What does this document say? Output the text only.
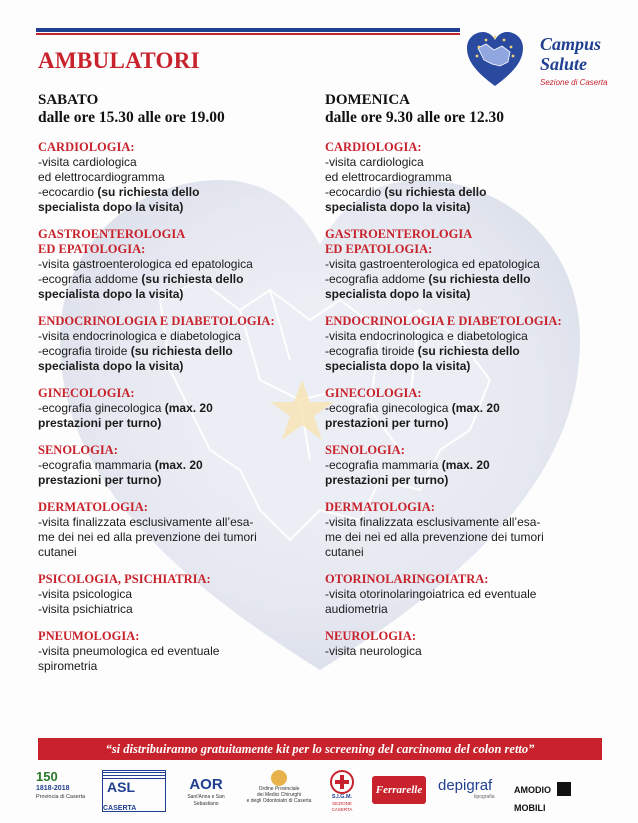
AMBULATORI
Campus
Salute
Sezione di Caserta
SABATO
dalle ore 15.30 alle ore 19.00
CARDIOLOGIA:
-visita cardiologica
ed elettrocardiogramma
-ecocardio (su richiesta dello
specialista dopo la visita)
GASTROENTEROLOGIA
ED EPATOLOGIA:
-visita gastroenterologica ed epatologica
-ecografia addome (su richiesta dello
specialista dopo la visita)
ENDOCRINOLOGIA E DIABETOLOGIA:
-visita endocrinologica e diabetologica
-ecografia tiroide (su richiesta dello
specialista dopo la visita)
GINECOLOGIA:
-ecografia ginecologica (max. 20
prestazioni per turno)
SENOLOGIA:
-ecografia mammaria (max. 20
prestazioni per turno)
DERMATOLOGIA:
-visita finalizzata esclusivamente all’esa-
me dei nei ed alla prevenzione dei tumori
cutanei
PSICOLOGIA, PSICHIATRIA:
-visita psicologica
-visita psichiatrica
PNEUMOLOGIA:
-visita pneumologica ed eventuale
spirometria
DOMENICA
dalle ore 9.30 alle ore 12.30
CARDIOLOGIA:
-visita cardiologica
ed elettrocardiogramma
-ecocardio (su richiesta dello
specialista dopo la visita)
GASTROENTEROLOGIA
ED EPATOLOGIA:
-visita gastroenterologica ed epatologica
-ecografia addome (su richiesta dello
specialista dopo la visita)
ENDOCRINOLOGIA E DIABETOLOGIA:
-visita endocrinologica e diabetologica
-ecografia tiroide (su richiesta dello
specialista dopo la visita)
GINECOLOGIA:
-ecografia ginecologica (max. 20
prestazioni per turno)
SENOLOGIA:
-ecografia mammaria (max. 20
prestazioni per turno)
DERMATOLOGIA:
-visita finalizzata esclusivamente all’esa-
me dei nei ed alla prevenzione dei tumori
cutanei
OTORINOLARINGOIATRA:
-visita otorinolaringoiatrica ed eventuale
audiometria
NEUROLOGIA:
-visita neurologica
“si distribuiranno gratuitamente kit per lo screening del carcinoma del colon retto”
150
1818-2018
Provincia di Caserta
ASL CASERTA
AOR
Sant'Anna e San Sebastiano
Ordine Provinciale
dei Medici Chirurghi
e degli Odontoiatri di Caserta
S.I.G.M.
SEZIONE CASERTA
Ferrarelle depigraf
tipografia
AMODIO  MOBILI
